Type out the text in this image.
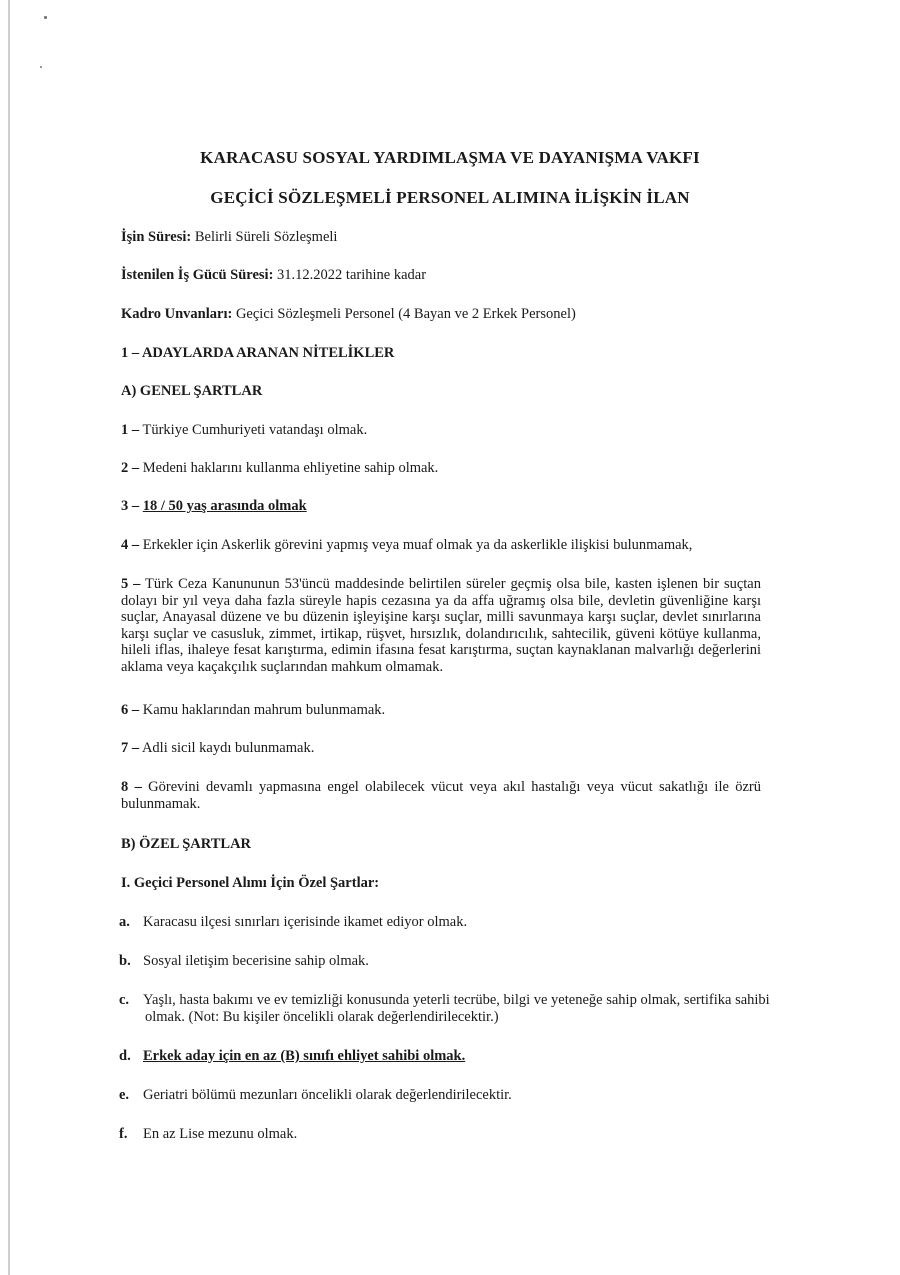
KARACASU SOSYAL YARDIMLAŞMA VE DAYANIŞMA VAKFI
GEÇİCİ SÖZLEŞMELİ PERSONEL ALIMINA İLİŞKİN İLAN
İşin Süresi: Belirli Süreli Sözleşmeli
İstenilen İş Gücü Süresi: 31.12.2022 tarihine kadar
Kadro Unvanları: Geçici Sözleşmeli Personel (4 Bayan ve 2 Erkek Personel)
1 – ADAYLARDA ARANAN NİTELİKLER
A) GENEL ŞARTLAR
1 – Türkiye Cumhuriyeti vatandaşı olmak.
2 – Medeni haklarını kullanma ehliyetine sahip olmak.
3 – 18 / 50 yaş arasında olmak
4 – Erkekler için Askerlik görevini yapmış veya muaf olmak ya da askerlikle ilişkisi bulunmamak,
5 – Türk Ceza Kanununun 53'üncü maddesinde belirtilen süreler geçmiş olsa bile, kasten işlenen bir suçtan dolayı bir yıl veya daha fazla süreyle hapis cezasına ya da affa uğramış olsa bile, devletin güvenliğine karşı suçlar, Anayasal düzene ve bu düzenin işleyişine karşı suçlar, milli savunmaya karşı suçlar, devlet sınırlarına karşı suçlar ve casusluk, zimmet, irtikap, rüşvet, hırsızlık, dolandırıcılık, sahtecilik, güveni kötüye kullanma, hileli iflas, ihaleye fesat karıştırma, edimin ifasına fesat karıştırma, suçtan kaynaklanan malvarlığı değerlerini aklama veya kaçakçılık suçlarından mahkum olmamak.
6 – Kamu haklarından mahrum bulunmamak.
7 – Adli sicil kaydı bulunmamak.
8 – Görevini devamlı yapmasına engel olabilecek vücut veya akıl hastalığı veya vücut sakatlığı ile özrü bulunmamak.
B) ÖZEL ŞARTLAR
I. Geçici Personel Alımı İçin Özel Şartlar:
a. Karacasu ilçesi sınırları içerisinde ikamet ediyor olmak.
b. Sosyal iletişim becerisine sahip olmak.
c. Yaşlı, hasta bakımı ve ev temizliği konusunda yeterli tecrübe, bilgi ve yeteneğe sahip olmak, sertifika sahibi
olmak. (Not: Bu kişiler öncelikli olarak değerlendirilecektir.)
d. Erkek aday için en az (B) sınıfı ehliyet sahibi olmak.
e. Geriatri bölümü mezunları öncelikli olarak değerlendirilecektir.
f. En az Lise mezunu olmak.
